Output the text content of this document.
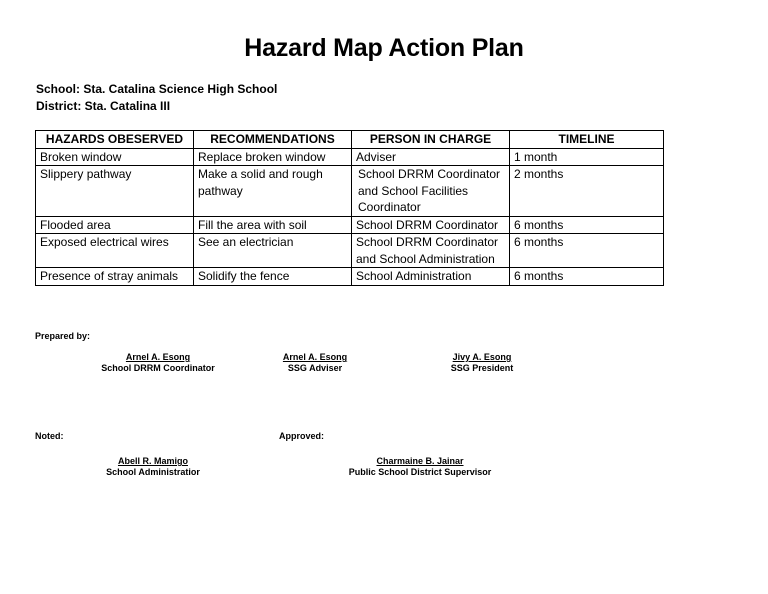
Hazard Map Action Plan
School: Sta. Catalina Science High School
District: Sta. Catalina III
HAZARDS OBESERVED	RECOMMENDATIONS	PERSON IN CHARGE	TIMELINE
Broken window	Replace broken window	Adviser	1 month
Slippery pathway	Make a solid and rough pathway	School DRRM Coordinator and School Facilities Coordinator	2 months
Flooded area	Fill the area with soil	School DRRM Coordinator	6 months
Exposed electrical wires	See an electrician	School DRRM Coordinator and School Administration	6 months
Presence of stray animals	Solidify the fence	School Administration	6 months
Prepared by:
Arnel A. Esong
School DRRM Coordinator
Arnel A. Esong
SSG Adviser
Jivy A. Esong
SSG President
Noted:	Approved:
Abell R. Mamigo
School Administratior
Charmaine B. Jainar
Public School District Supervisor
